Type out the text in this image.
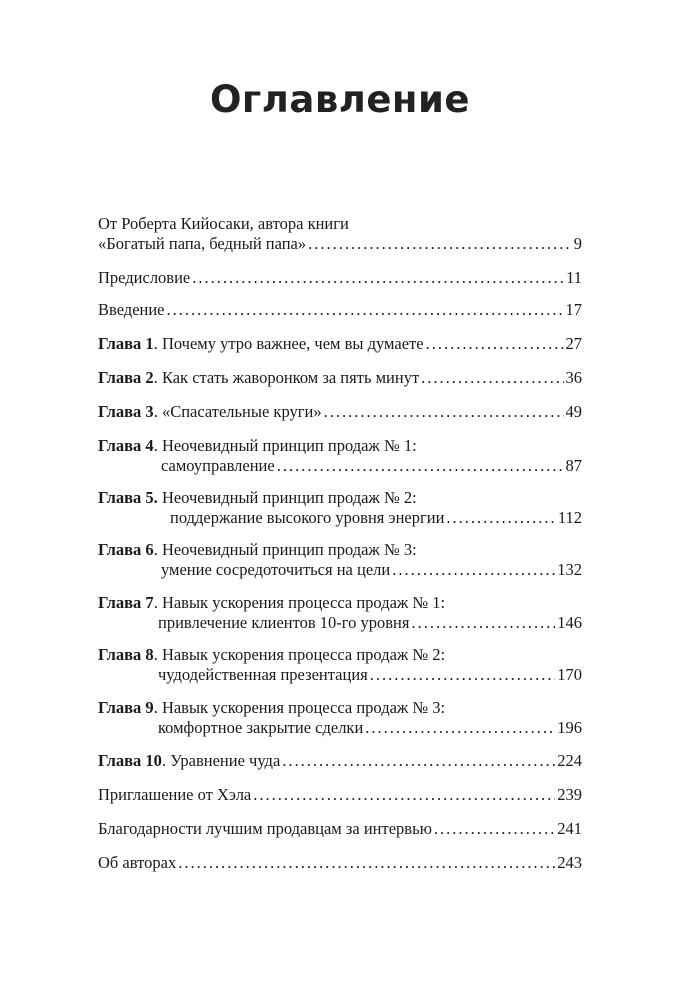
Оглавление
От Роберта Кийосаки, автора книги
«Богатый папа, бедный папа» .....	9
Предисловие .....	11
Введение .....	17
Глава 1. Почему утро важнее, чем вы думаете .....	27
Глава 2. Как стать жаворонком за пять минут .....	36
Глава 3. «Спасательные круги» .....	49
Глава 4. Неочевидный принцип продаж № 1:
самоуправление .....	87
Глава 5. Неочевидный принцип продаж № 2:
поддержание высокого уровня энергии .....	112
Глава 6. Неочевидный принцип продаж № 3:
умение сосредоточиться на цели .....	132
Глава 7. Навык ускорения процесса продаж № 1:
привлечение клиентов 10-го уровня .....	146
Глава 8. Навык ускорения процесса продаж № 2:
чудодейственная презентация .....	170
Глава 9. Навык ускорения процесса продаж № 3:
комфортное закрытие сделки .....	196
Глава 10. Уравнение чуда .....	224
Приглашение от Хэла .....	239
Благодарности лучшим продавцам за интервью .....	241
Об авторах .....	243
